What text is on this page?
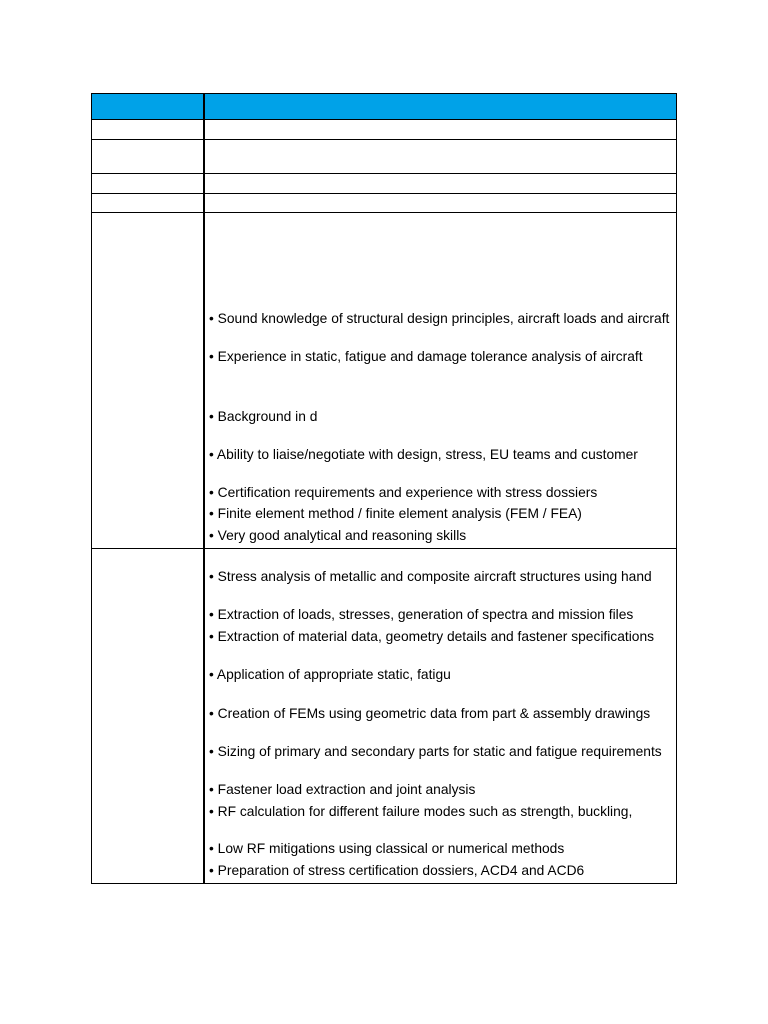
• Sound knowledge of structural design principles, aircraft loads and aircraft
• Experience in static, fatigue and damage tolerance analysis of aircraft
• Background in d
• Ability to liaise/negotiate with design, stress, EU teams and customer
• Certification requirements and experience with stress dossiers
• Finite element method / finite element analysis (FEM / FEA)
• Very good analytical and reasoning skills
• Stress analysis of metallic and composite aircraft structures using hand
• Extraction of loads, stresses, generation of spectra and mission files
• Extraction of material data, geometry details and fastener specifications
• Application of appropriate static, fatigu
• Creation of FEMs using geometric data from part & assembly drawings
• Sizing of primary and secondary parts for static and fatigue requirements
• Fastener load extraction and joint analysis
• RF calculation for different failure modes such as strength, buckling,
• Low RF mitigations using classical or numerical methods
• Preparation of stress certification dossiers, ACD4 and ACD6
